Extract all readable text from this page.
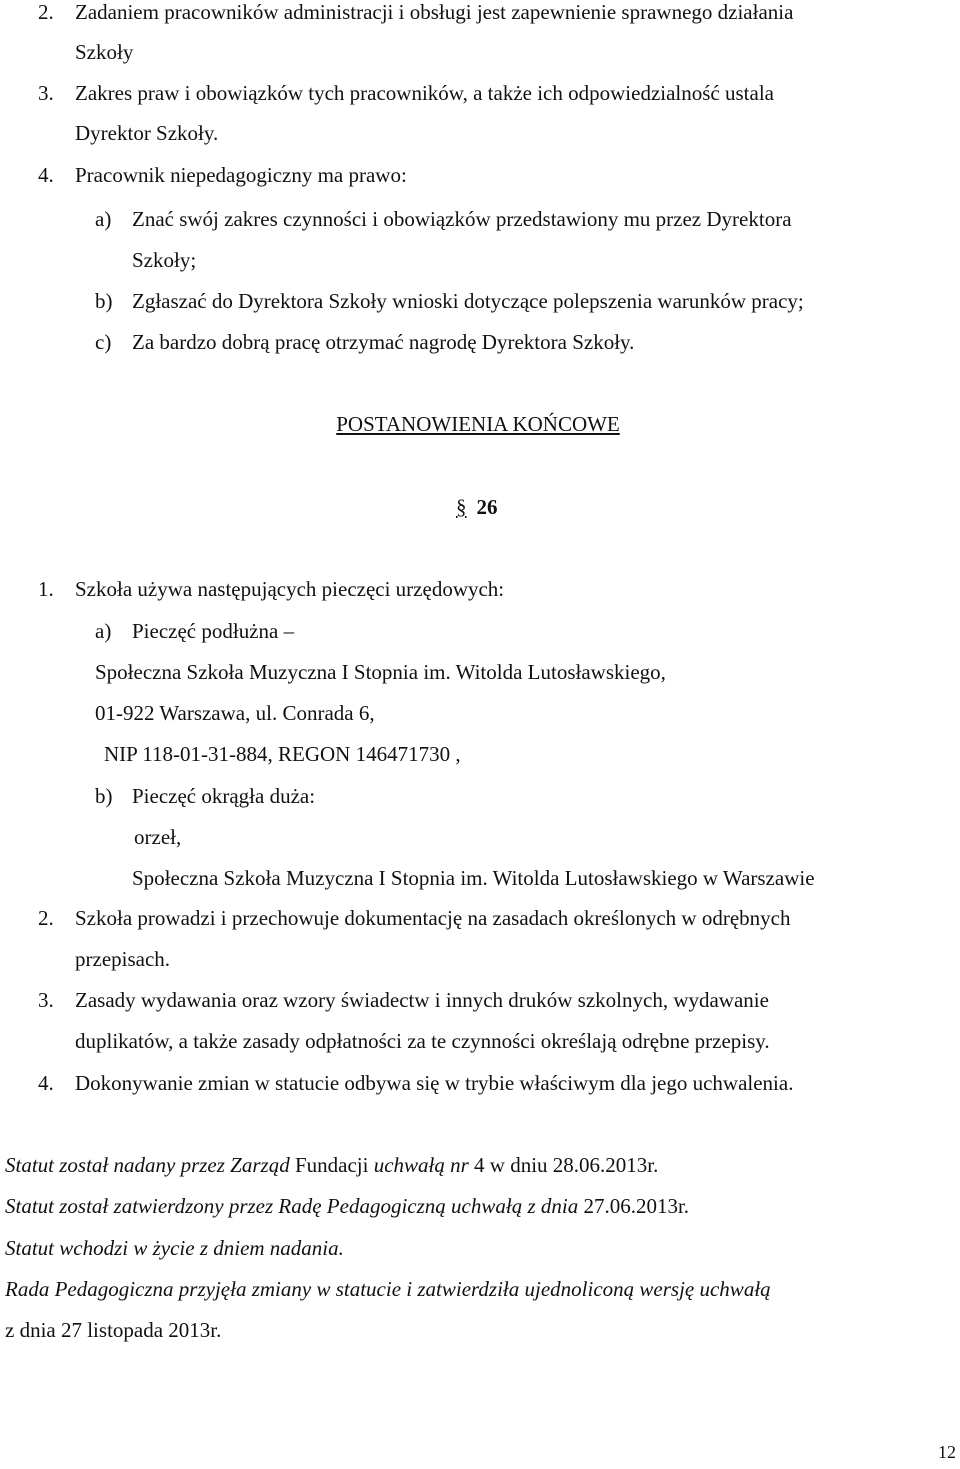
2. Zadaniem pracowników administracji i obsługi jest zapewnienie sprawnego działania
Szkoły
3. Zakres praw i obowiązków tych pracowników, a także ich odpowiedzialność ustala
Dyrektor Szkoły.
4. Pracownik niepedagogiczny ma prawo:
a) Znać swój zakres czynności i obowiązków przedstawiony mu przez Dyrektora
Szkoły;
b) Zgłaszać do Dyrektora Szkoły wnioski dotyczące polepszenia warunków pracy;
c) Za bardzo dobrą pracę otrzymać nagrodę Dyrektora Szkoły.
POSTANOWIENIA KOŃCOWE
§ 26
1. Szkoła używa następujących pieczęci urzędowych:
a) Pieczęć podłużna –
Społeczna Szkoła Muzyczna I Stopnia im. Witolda Lutosławskiego,
01-922 Warszawa, ul. Conrada 6,
NIP 118-01-31-884, REGON 146471730 ,
b) Pieczęć okrągła duża:
orzeł,
Społeczna Szkoła Muzyczna I Stopnia im. Witolda Lutosławskiego w Warszawie
2. Szkoła prowadzi i przechowuje dokumentację na zasadach określonych w odrębnych
przepisach.
3. Zasady wydawania oraz wzory świadectw i innych druków szkolnych, wydawanie
duplikatów, a także zasady odpłatności za te czynności określają odrębne przepisy.
4. Dokonywanie zmian w statucie odbywa się w trybie właściwym dla jego uchwalenia.
Statut został nadany przez Zarząd Fundacji uchwałą nr 4 w dniu 28.06.2013r.
Statut został zatwierdzony przez Radę Pedagogiczną uchwałą z dnia 27.06.2013r.
Statut wchodzi w życie z dniem nadania.
Rada Pedagogiczna przyjęła zmiany w statucie i zatwierdziła ujednoliconą wersję uchwałą
z dnia 27 listopada 2013r.
12
